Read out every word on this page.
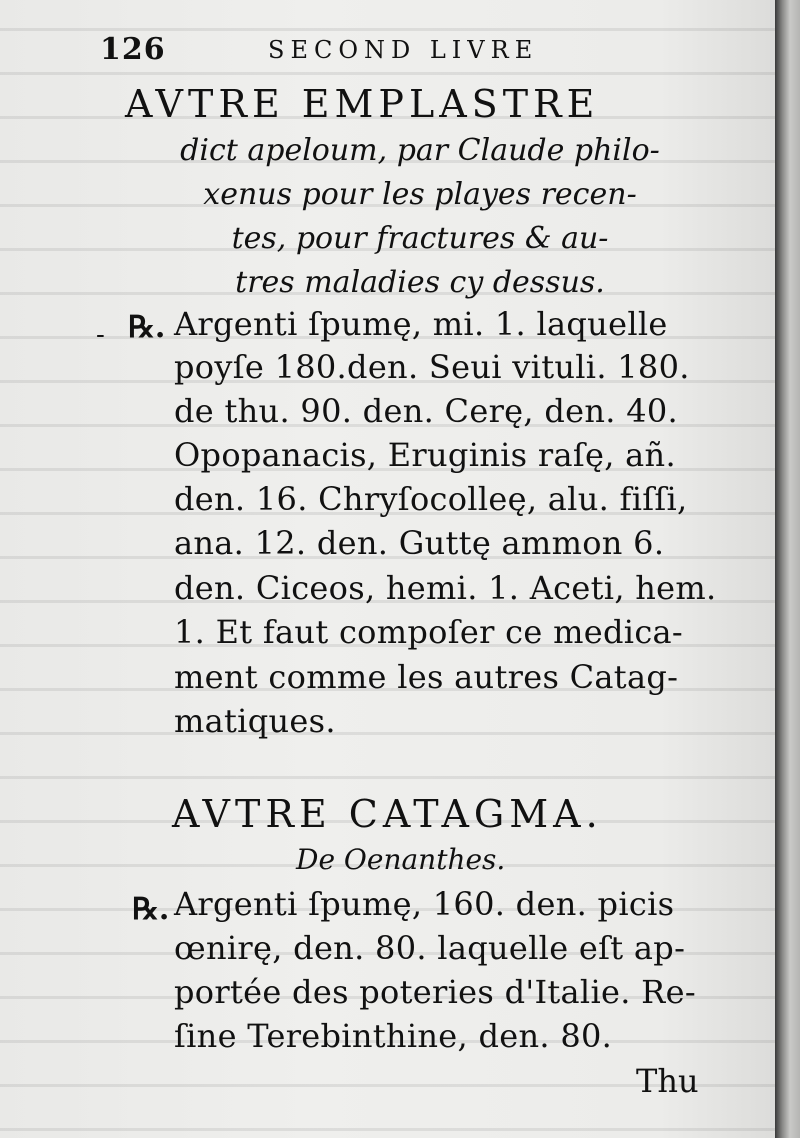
126	SECOND LIVRE
AVTRE EMPLASTRE
dict apeloum, par Claude philo-
xenus pour les playes recen-
tes, pour fractures & au-
tres maladies cy dessus.
- ℞. Argenti ſpumę, mi. 1. laquelle
poyſe 180.den. Seui vituli. 180.
de thu. 90. den. Cerę, den. 40.
Opopanacis, Eruginis raſę, añ.
den. 16. Chryſocolleę, alu. fiſſi,
ana. 12. den. Guttę ammon 6.
den. Ciceos, hemi. 1. Aceti, hem.
1. Et faut compoſer ce medica-
ment comme les autres Catag-
matiques.
AVTRE CATAGMA.
De Oenanthes.
℞. Argenti ſpumę, 160. den. picis
œnirę, den. 80. laquelle eſt ap-
portée des poteries d'Italie. Re-
ſine Terebinthine, den. 80.
Thu
